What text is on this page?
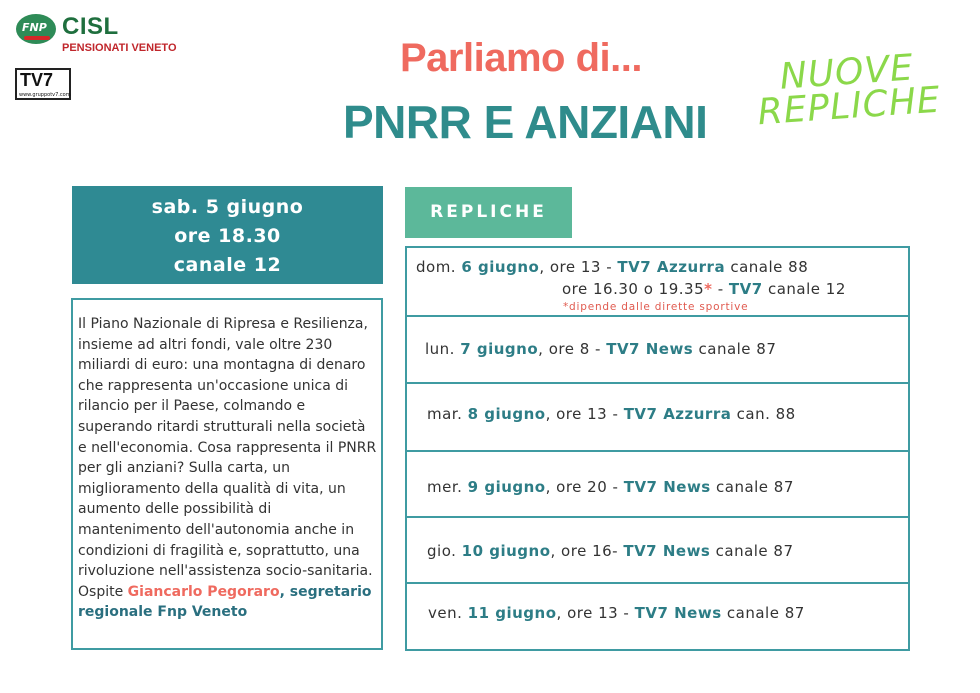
FNP CISL
PENSIONATI VENETO
TV7
www.gruppotv7.com
Parliamo di...
PNRR E ANZIANI
NUOVE REPLICHE
sab. 5 giugno
ore 18.30
canale 12
Il Piano Nazionale di Ripresa e Resilienza, insieme ad altri fondi, vale oltre 230 miliardi di euro: una montagna di denaro che rappresenta un'occasione unica di rilancio per il Paese, colmando e superando ritardi strutturali nella società e nell'economia. Cosa rappresenta il PNRR per gli anziani? Sulla carta, un miglioramento della qualità di vita, un aumento delle possibilità di mantenimento dell'autonomia anche in condizioni di fragilità e, soprattutto, una rivoluzione nell'assistenza socio-sanitaria.
Ospite Giancarlo Pegoraro, segretario regionale Fnp Veneto
REPLICHE
dom. 6 giugno, ore 13 - TV7 Azzurra canale 88
ore 16.30 o 19.35* - TV7 canale 12
*dipende dalle dirette sportive
lun. 7 giugno, ore 8 - TV7 News canale 87
mar. 8 giugno, ore 13 - TV7 Azzurra can. 88
mer. 9 giugno, ore 20 - TV7 News canale 87
gio. 10 giugno, ore 16- TV7 News canale 87
ven. 11 giugno, ore 13 - TV7 News canale 87
